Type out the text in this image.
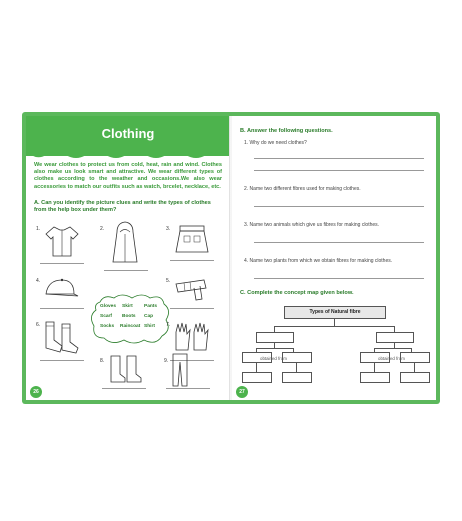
Clothing
We wear clothes to protect us from cold, heat, rain and wind. Clothes also make us look smart and attractive. We wear different types of clothes according to the weather and occasions.We also wear accessories to match our outfits such as watch, brcelet, necklace, etc.
A. Can you identify the picture clues and write the types of clothes from the help box under them?
1.	2.	3.
4.	5.
Gloves Skirt Pants
Scarf Boots Cap
Socks Raincoat Shirt
6.	7.
8.	9.
26
B. Answer the following questions.
1. Why do we need clothes?
2. Name two different fibres used for making clothes.
3. Name two animals which give us fibres for making clothes.
4. Name two plants from which we obtain fibres for making clothes.
C. Complete the concept map given below.
Types of Natural fibre
obtained from	obtained from
27
